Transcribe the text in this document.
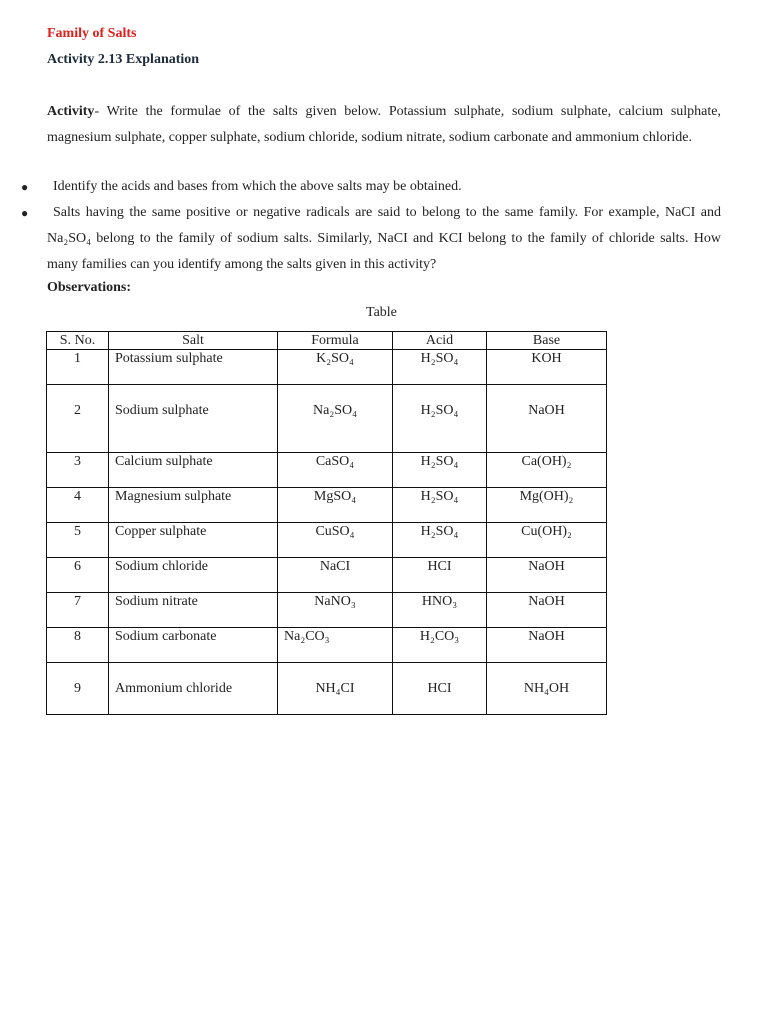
Family of Salts
Activity 2.13 Explanation
Activity- Write the formulae of the salts given below. Potassium sulphate, sodium sulphate, calcium sulphate, magnesium sulphate, copper sulphate, sodium chloride, sodium nitrate, sodium carbonate and ammonium chloride.
● Identify the acids and bases from which the above salts may be obtained.
● Salts having the same positive or negative radicals are said to belong to the same family. For example, NaCI and Na₂SO₄ belong to the family of sodium salts. Similarly, NaCI and KCI belong to the family of chloride salts. How many families can you identify among the salts given in this activity?
Observations:
Table
S. No.	Salt	Formula	Acid	Base
1	Potassium sulphate	K₂SO₄	H₂SO₄	KOH
2	Sodium sulphate	Na₂SO₄	H₂SO₄	NaOH
3	Calcium sulphate	CaSO₄	H₂SO₄	Ca(OH)₂
4	Magnesium sulphate	MgSO₄	H₂SO₄	Mg(OH)₂
5	Copper sulphate	CuSO₄	H₂SO₄	Cu(OH)₂
6	Sodium chloride	NaCI	HCI	NaOH
7	Sodium nitrate	NaNO₃	HNO₃	NaOH
8	Sodium carbonate	Na₂CO₃	H₂CO₃	NaOH
9	Ammonium chloride	NH₄CI	HCI	NH₄OH
